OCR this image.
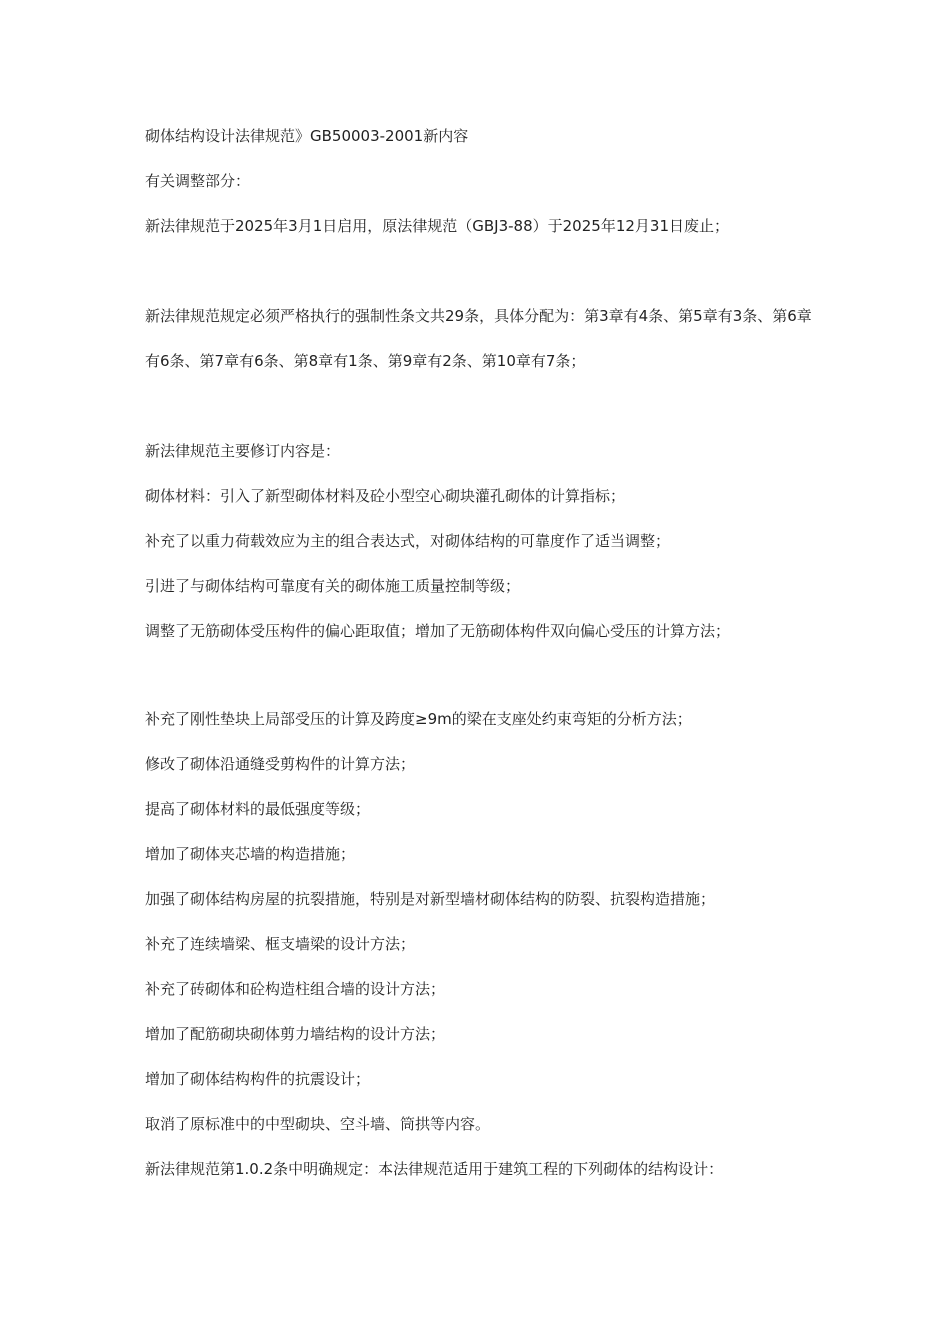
砌体结构设计法律规范》GB50003-2001新内容

有关调整部分：

新法律规范于2025年3月1日启用，原法律规范（GBJ3-88）于2025年12月31日废止；

新法律规范规定必须严格执行的强制性条文共29条，具体分配为：第3章有4条、第5章有3条、第6章有6条、第7章有6条、第8章有1条、第9章有2条、第10章有7条；

新法律规范主要修订内容是：

砌体材料：引入了新型砌体材料及砼小型空心砌块灌孔砌体的计算指标；

补充了以重力荷载效应为主的组合表达式，对砌体结构的可靠度作了适当调整；

引进了与砌体结构可靠度有关的砌体施工质量控制等级；

调整了无筋砌体受压构件的偏心距取值；增加了无筋砌体构件双向偏心受压的计算方法；

补充了刚性垫块上局部受压的计算及跨度≥9m的梁在支座处约束弯矩的分析方法；

修改了砌体沿通缝受剪构件的计算方法；

提高了砌体材料的最低强度等级；

增加了砌体夹芯墙的构造措施；

加强了砌体结构房屋的抗裂措施，特别是对新型墙材砌体结构的防裂、抗裂构造措施；

补充了连续墙梁、框支墙梁的设计方法；

补充了砖砌体和砼构造柱组合墙的设计方法；

增加了配筋砌块砌体剪力墙结构的设计方法；

增加了砌体结构构件的抗震设计；

取消了原标准中的中型砌块、空斗墙、筒拱等内容。

新法律规范第1.0.2条中明确规定：本法律规范适用于建筑工程的下列砌体的结构设计：
